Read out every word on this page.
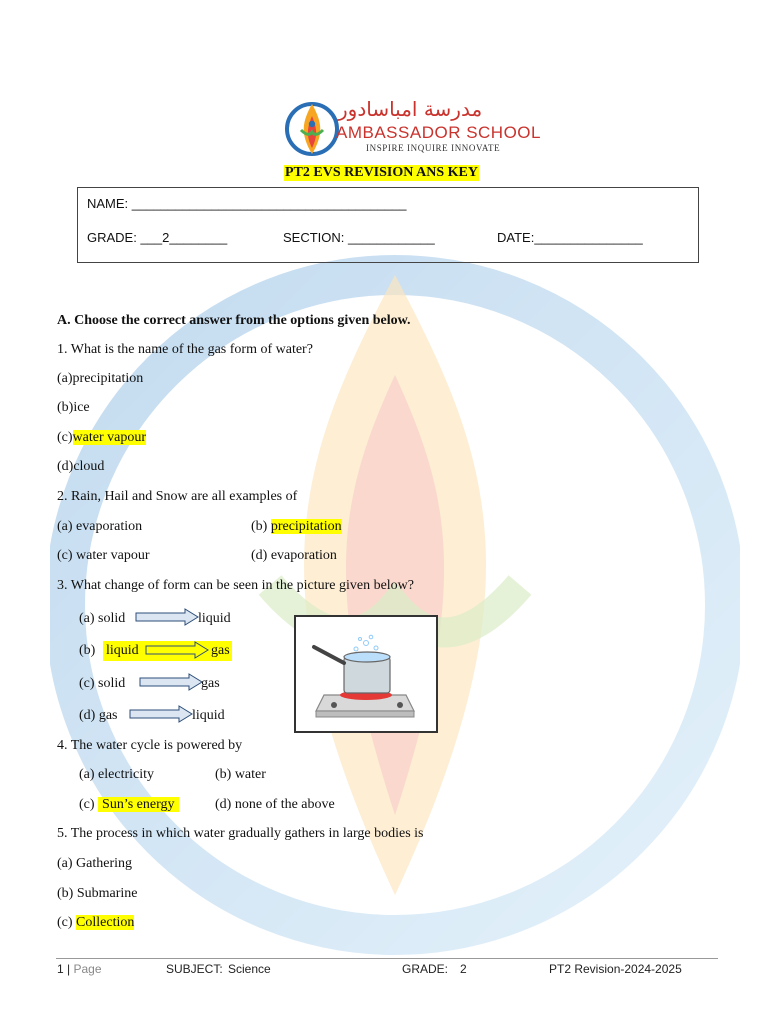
مدرسة امباسادور
AMBASSADOR SCHOOL
INSPIRE INQUIRE INNOVATE
PT2 EVS REVISION ANS KEY
NAME: ______________________________________
GRADE: ___2________	SECTION: ____________	DATE:_______________
A. Choose the correct answer from the options given below.
1. What is the name of the gas form of water?
(a)precipitation
(b)ice
(c)water vapour
(d)cloud
2. Rain, Hail and Snow are all examples of
(a) evaporation	(b) precipitation
(c) water vapour	(d) evaporation
3. What change of form can be seen in the picture given below?
(a) solid	liquid
(b) liquid	gas
(c) solid	gas
(d) gas	liquid
4. The water cycle is powered by
(a) electricity	(b) water
(c) Sun’s energy	(d) none of the above
5. The process in which water gradually gathers in large bodies is
(a) Gathering
(b) Submarine
(c) Collection
1 | Page	SUBJECT: Science	GRADE: 2	PT2 Revision-2024-2025
